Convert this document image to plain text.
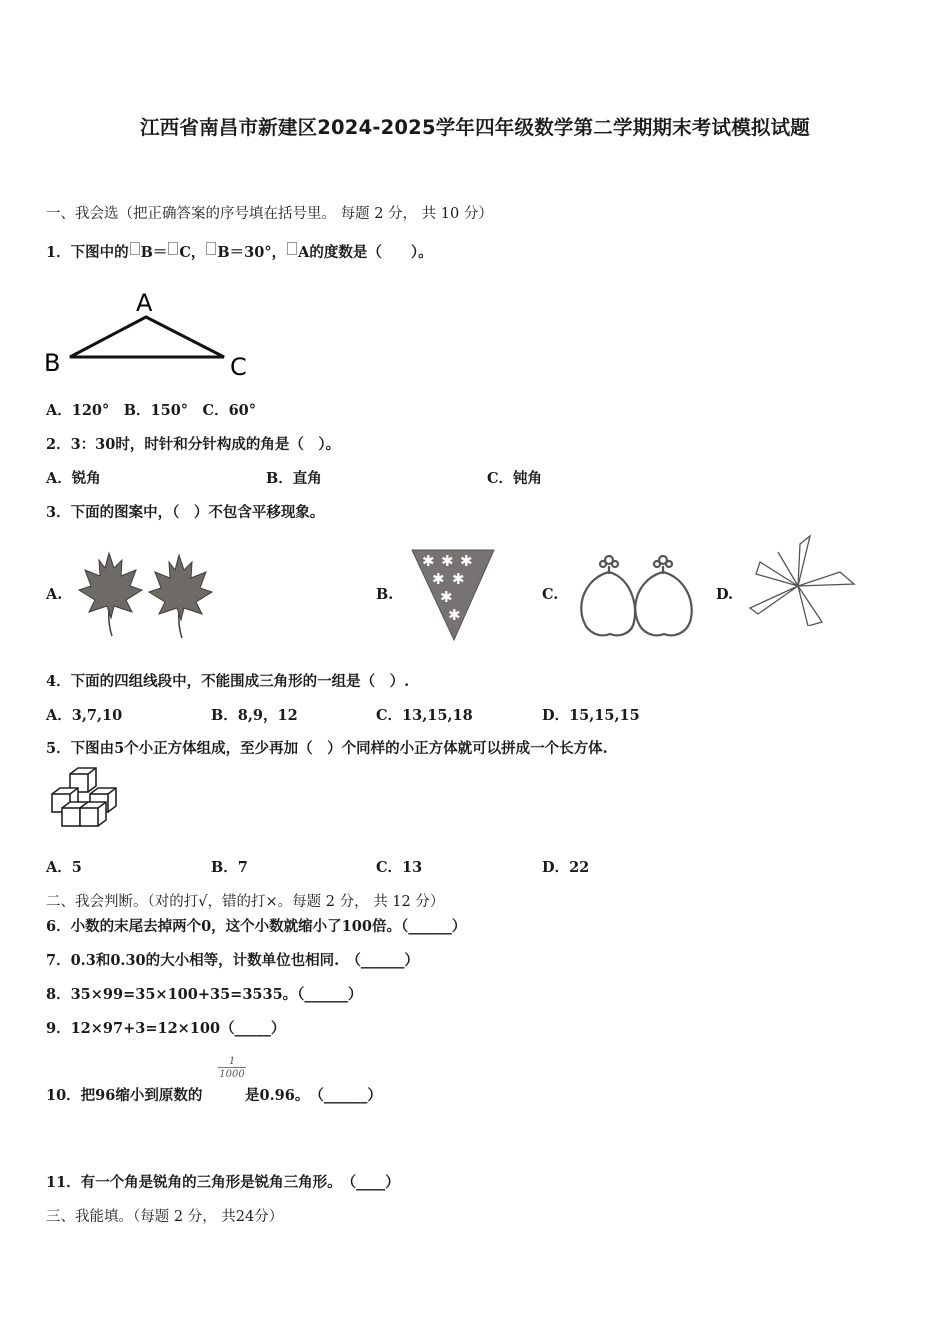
江西省南昌市新建区2024-2025学年四年级数学第二学期期末考试模拟试题
一、我会选（把正确答案的序号填在括号里。 每题 2 分， 共 10 分）
1．下图中的 B＝ C， B＝30°， A的度数是（　　）。
A
B	C
A．120°　B．150°　C．60°
2．3：30时，时针和分针构成的角是（　）。
A．锐角	B．直角	C．钝角
3．下面的图案中，（　）不包含平移现象。
A.	B.
✱ ✱ ✱
✱ ✱
✱
✱
C.	D.
4．下面的四组线段中，不能围成三角形的一组是（　）.
A．3,7,10	B．8,9，12	C．13,15,18	D．15,15,15
5．下图由5个小正方体组成，至少再加（　）个同样的小正方体就可以拼成一个长方体.
A．5	B．7	C．13	D．22
二、我会判断。（对的打√，错的打×。每题 2 分， 共 12 分）
6．小数的末尾去掉两个0，这个小数就缩小了100倍。（______）
7．0.3和0.30的大小相等，计数单位也相同.　（______）
8．35×99=35×100+35=3535。（______）
9．12×97+3=12×100（_____）
10．把96缩小到原数的
$\frac{1}{1000}$
是0.96。　（______）
11．有一个角是锐角的三角形是锐角三角形。　（____）
三、我能填。（每题 2 分， 共24分）
